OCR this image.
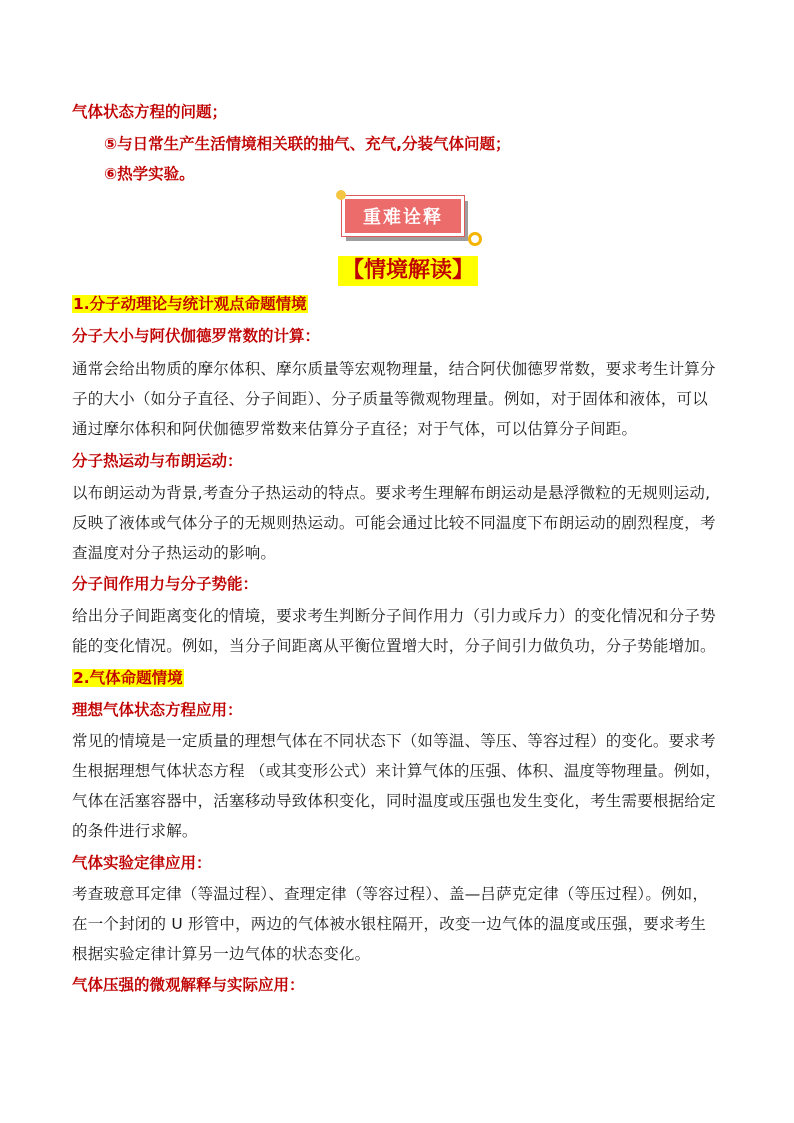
气体状态方程的问题；
⑤与日常生产生活情境相关联的抽气、充气,分装气体问题；
⑥热学实验。
重难诠释
【情境解读】
1.分子动理论与统计观点命题情境
分子大小与阿伏伽德罗常数的计算：
通常会给出物质的摩尔体积、摩尔质量等宏观物理量，结合阿伏伽德罗常数，要求考生计算分
子的大小（如分子直径、分子间距）、分子质量等微观物理量。例如，对于固体和液体，可以
通过摩尔体积和阿伏伽德罗常数来估算分子直径；对于气体，可以估算分子间距。
分子热运动与布朗运动：
以布朗运动为背景,考查分子热运动的特点。要求考生理解布朗运动是悬浮微粒的无规则运动,
反映了液体或气体分子的无规则热运动。可能会通过比较不同温度下布朗运动的剧烈程度，考
查温度对分子热运动的影响。
分子间作用力与分子势能：
给出分子间距离变化的情境，要求考生判断分子间作用力（引力或斥力）的变化情况和分子势
能的变化情况。例如，当分子间距离从平衡位置增大时，分子间引力做负功，分子势能增加。
2.气体命题情境
理想气体状态方程应用：
常见的情境是一定质量的理想气体在不同状态下（如等温、等压、等容过程）的变化。要求考
生根据理想气体状态方程 （或其变形公式）来计算气体的压强、体积、温度等物理量。例如，
气体在活塞容器中，活塞移动导致体积变化，同时温度或压强也发生变化，考生需要根据给定
的条件进行求解。
气体实验定律应用：
考查玻意耳定律（等温过程）、查理定律（等容过程）、盖—吕萨克定律（等压过程）。例如，
在一个封闭的 U 形管中，两边的气体被水银柱隔开，改变一边气体的温度或压强，要求考生
根据实验定律计算另一边气体的状态变化。
气体压强的微观解释与实际应用：
